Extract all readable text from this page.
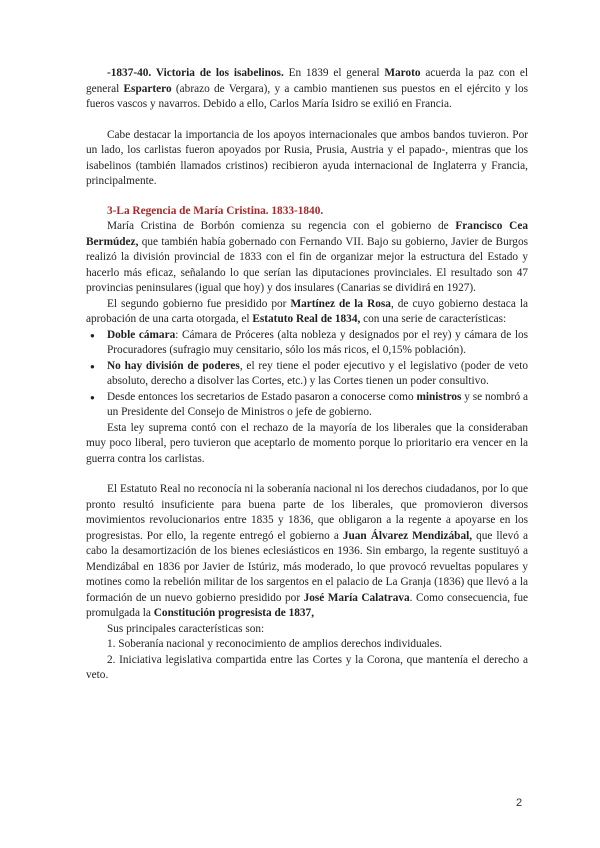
-1837-40. Victoria de los isabelinos. En 1839 el general Maroto acuerda la paz con el general Espartero (abrazo de Vergara), y a cambio mantienen sus puestos en el ejército y los fueros vascos y navarros. Debido a ello, Carlos María Isidro se exilió en Francia.

Cabe destacar la importancia de los apoyos internacionales que ambos bandos tuvieron. Por un lado, los carlistas fueron apoyados por Rusia, Prusia, Austria y el papado-, mientras que los isabelinos (también llamados cristinos) recibieron ayuda internacional de Inglaterra y Francia, principalmente.

3-La Regencia de María Cristina. 1833-1840.

María Cristina de Borbón comienza su regencia con el gobierno de Francisco Cea Bermúdez, que también había gobernado con Fernando VII. Bajo su gobierno, Javier de Burgos realizó la división provincial de 1833 con el fin de organizar mejor la estructura del Estado y hacerlo más eficaz, señalando lo que serían las diputaciones provinciales. El resultado son 47 provincias peninsulares (igual que hoy) y dos insulares (Canarias se dividirá en 1927).

El segundo gobierno fue presidido por Martínez de la Rosa, de cuyo gobierno destaca la aprobación de una carta otorgada, el Estatuto Real de 1834, con una serie de características:

● Doble cámara: Cámara de Próceres (alta nobleza y designados por el rey) y cámara de los Procuradores (sufragio muy censitario, sólo los más ricos, el 0,15% población).
● No hay división de poderes, el rey tiene el poder ejecutivo y el legislativo (poder de veto absoluto, derecho a disolver las Cortes, etc.) y las Cortes tienen un poder consultivo.
● Desde entonces los secretarios de Estado pasaron a conocerse como ministros y se nombró a un Presidente del Consejo de Ministros o jefe de gobierno.

Esta ley suprema contó con el rechazo de la mayoría de los liberales que la consideraban muy poco liberal, pero tuvieron que aceptarlo de momento porque lo prioritario era vencer en la guerra contra los carlistas.

El Estatuto Real no reconocía ni la soberanía nacional ni los derechos ciudadanos, por lo que pronto resultó insuficiente para buena parte de los liberales, que promovieron diversos movimientos revolucionarios entre 1835 y 1836, que obligaron a la regente a apoyarse en los progresistas. Por ello, la regente entregó el gobierno a Juan Álvarez Mendizábal, que llevó a cabo la desamortización de los bienes eclesiásticos en 1936. Sin embargo, la regente sustituyó a Mendizábal en 1836 por Javier de Istúriz, más moderado, lo que provocó revueltas populares y motines como la rebelión militar de los sargentos en el palacio de La Granja (1836) que llevó a la formación de un nuevo gobierno presidido por José María Calatrava. Como consecuencia, fue promulgada la Constitución progresista de 1837,

Sus principales características son:

1. Soberanía nacional y reconocimiento de amplios derechos individuales.

2. Iniciativa legislativa compartida entre las Cortes y la Corona, que mantenía el derecho a veto.

2
